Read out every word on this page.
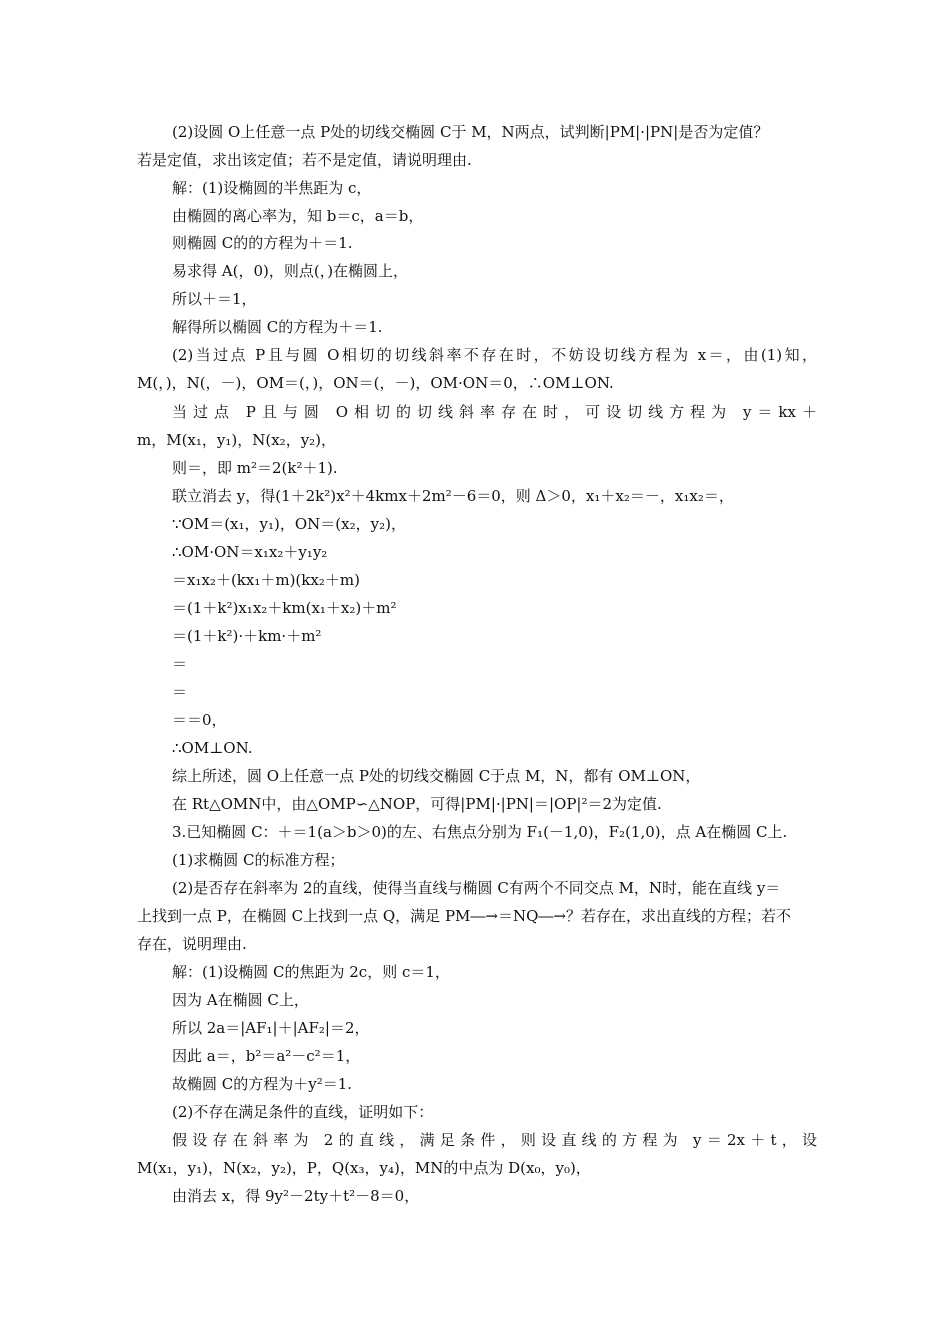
(2)设圆 O上任意一点 P处的切线交椭圆 C于 M，N两点，试判断|PM|·|PN|是否为定值？
若是定值，求出该定值；若不是定值，请说明理由.
解：(1)设椭圆的半焦距为 c，
由椭圆的离心率为，知 b＝c，a＝b，
则椭圆 C的的方程为＋＝1.
易求得 A(，0)，则点(，)在椭圆上，
所以＋＝1，
解得所以椭圆 C的方程为＋＝1.
(2)当过点 P且与圆 O相切的切线斜率不存在时，不妨设切线方程为 x＝，由(1)知，
M(，)，N(，－)，OM＝(，)，ON＝(，－)，OM·ON＝0，∴OM⊥ON.
当过点 P且与圆 O相切的切线斜率存在时，可设切线方程为 y＝kx＋
m，M(x₁，y₁)，N(x₂，y₂)，
则＝，即 m²＝2(k²＋1).
联立消去 y，得(1＋2k²)x²＋4kmx＋2m²－6＝0，则 Δ＞0，x₁＋x₂＝－，x₁x₂＝，
∵OM＝(x₁，y₁)，ON＝(x₂，y₂)，
∴OM·ON＝x₁x₂＋y₁y₂
＝x₁x₂＋(kx₁＋m)(kx₂＋m)
＝(1＋k²)x₁x₂＋km(x₁＋x₂)＋m²
＝(1＋k²)·＋km·＋m²
＝
＝
＝＝0，
∴OM⊥ON.
综上所述，圆 O上任意一点 P处的切线交椭圆 C于点 M，N，都有 OM⊥ON，
在 Rt△OMN中，由△OMP∽△NOP，可得|PM|·|PN|＝|OP|²＝2为定值.
3.已知椭圆 C：＋＝1(a＞b＞0)的左、右焦点分别为 F₁(－1,0)，F₂(1,0)，点 A在椭圆 C上.
(1)求椭圆 C的标准方程；
(2)是否存在斜率为 2的直线，使得当直线与椭圆 C有两个不同交点 M，N时，能在直线 y＝
上找到一点 P，在椭圆 C上找到一点 Q，满足 PM―→＝NQ―→？若存在，求出直线的方程；若不
存在，说明理由.
解：(1)设椭圆 C的焦距为 2c，则 c＝1，
因为 A在椭圆 C上，
所以 2a＝|AF₁|＋|AF₂|＝2，
因此 a＝，b²＝a²－c²＝1，
故椭圆 C的方程为＋y²＝1.
(2)不存在满足条件的直线，证明如下：
假设存在斜率为 2的直线，满足条件，则设直线的方程为 y＝2x＋t，设
M(x₁，y₁)，N(x₂，y₂)，P，Q(x₃，y₄)，MN的中点为 D(x₀，y₀)，
由消去 x，得 9y²－2ty＋t²－8＝0，
